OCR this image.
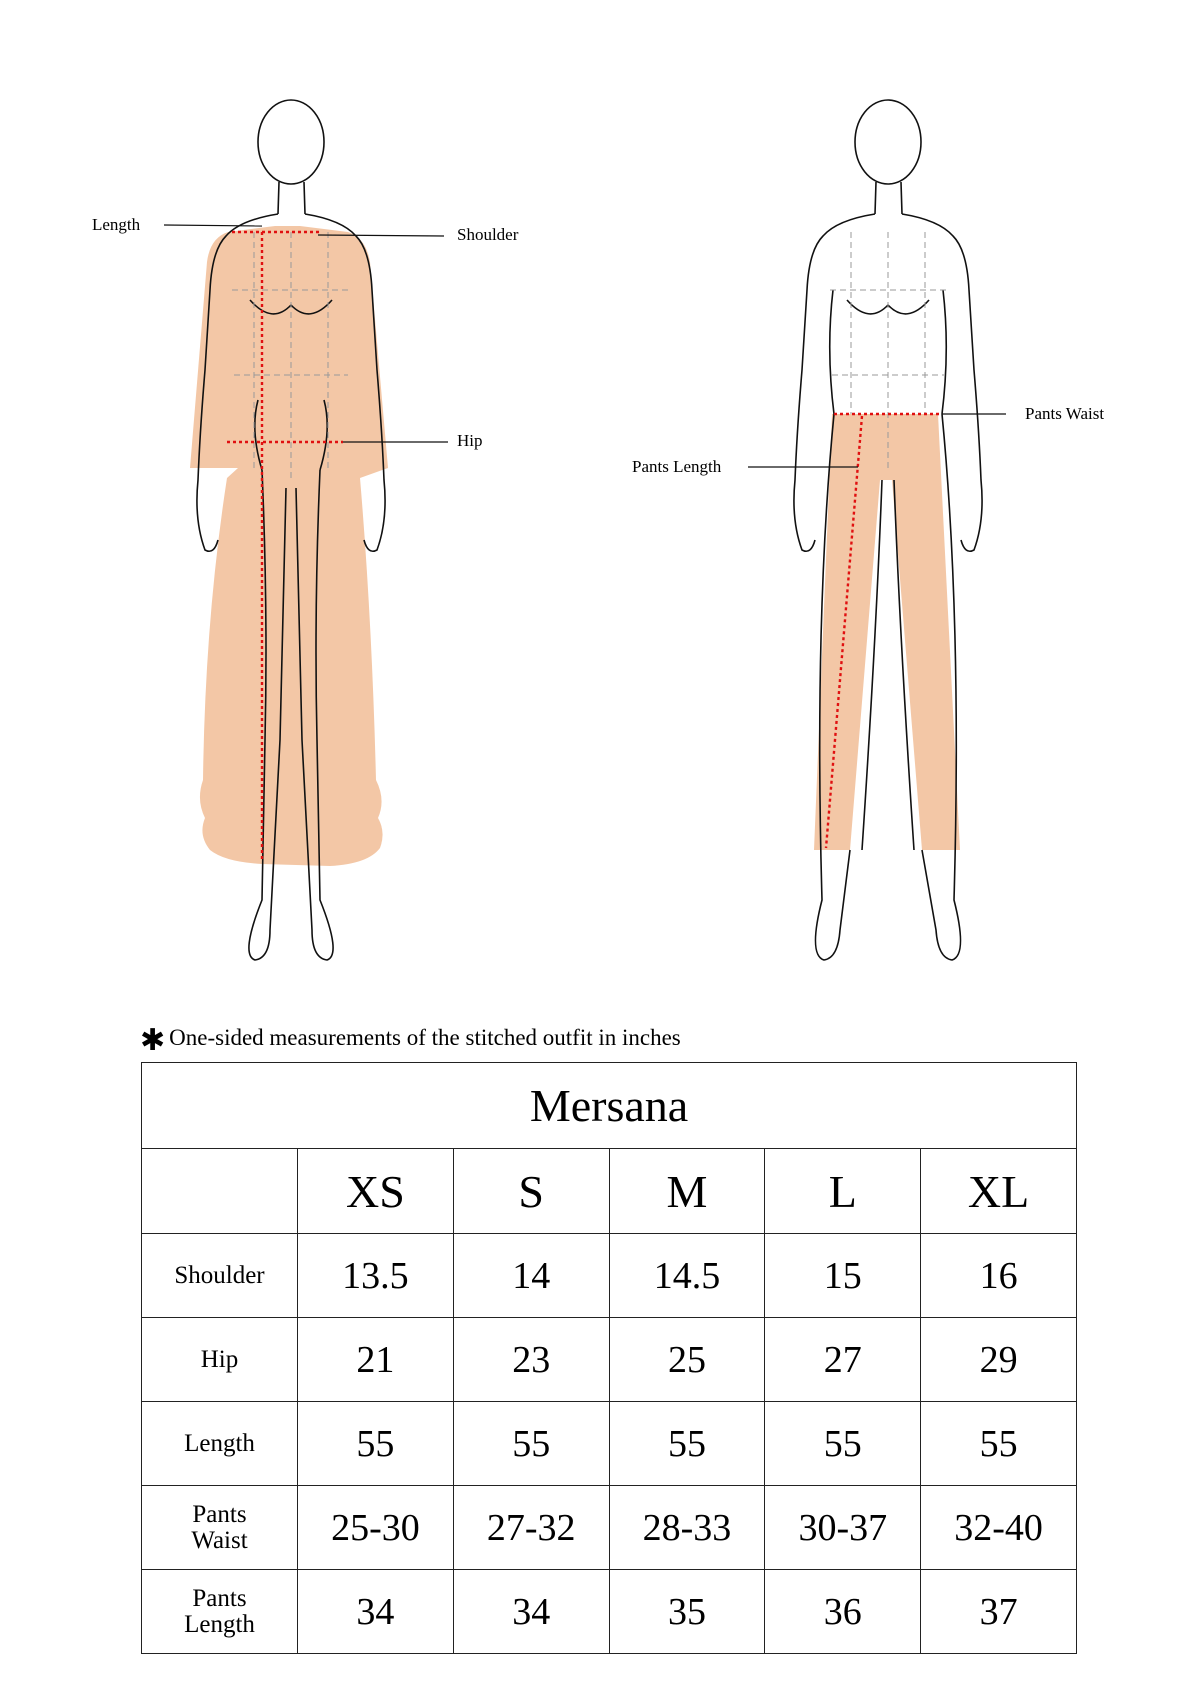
Length
Shoulder
Hip
Pants Waist
Pants Length
✱ One-sided measurements of the stitched outfit in inches
Mersana					
	XS	S	M	L	XL
Shoulder	13.5	14	14.5	15	16
Hip	21	23	25	27	29
Length	55	55	55	55	55
Pants
Waist	25-30	27-32	28-33	30-37	32-40
Pants
Length	34	34	35	36	37
